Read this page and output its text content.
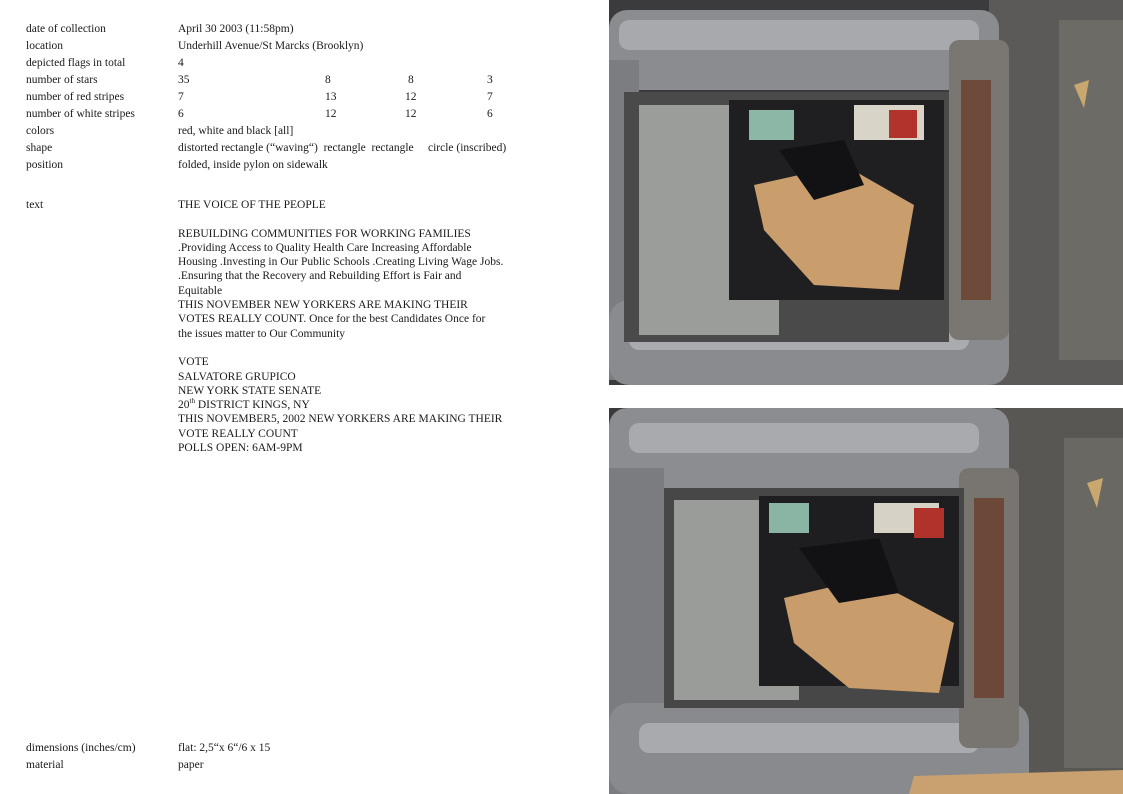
date of collection	April 30 2003 (11:58pm)
location	Underhill Avenue/St Marcks (Brooklyn)
depicted flags in total	4
number of stars	35	8	8	3
number of red stripes	7	13	12	7
number of white stripes	6	12	12	6
colors	red, white and black [all]
shape	distorted rectangle (“waving“)  rectangle  rectangle     circle (inscribed)
position	folded, inside pylon on sidewalk
text	THE VOICE OF THE PEOPLE
REBUILDING COMMUNITIES FOR WORKING FAMILIES
.Providing Access to Quality Health Care Increasing Affordable
Housing .Investing in Our Public Schools .Creating Living Wage Jobs.
.Ensuring that the Recovery and Rebuilding Effort is Fair and
Equitable
THIS NOVEMBER NEW YORKERS ARE MAKING THEIR
VOTES REALLY COUNT. Once for the best Candidates Once for
the issues matter to Our Community
VOTE
SALVATORE GRUPICO
NEW YORK STATE SENATE
20th DISTRICT KINGS, NY
THIS NOVEMBER5, 2002 NEW YORKERS ARE MAKING THEIR
VOTE REALLY COUNT
POLLS OPEN: 6AM-9PM
dimensions (inches/cm)	flat: 2,5“x 6“/6 x 15
material	paper
